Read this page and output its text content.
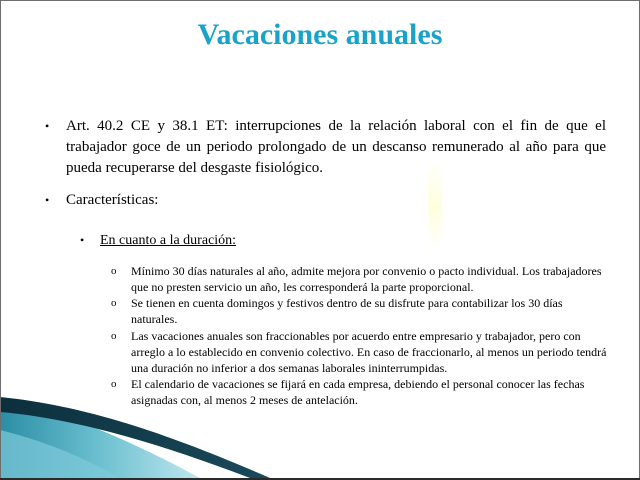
Vacaciones anuales
• Art. 40.2 CE y 38.1 ET: interrupciones de la relación laboral con el fin de que el trabajador goce de un periodo prolongado de un descanso remunerado al año para que pueda recuperarse del desgaste fisiológico.
• Características:
• En cuanto a la duración:
o Mínimo 30 días naturales al año, admite mejora por convenio o pacto individual. Los trabajadores que no presten servicio un año, les corresponderá la parte proporcional.
o Se tienen en cuenta domingos y festivos dentro de su disfrute para contabilizar los 30 días naturales.
o Las vacaciones anuales son fraccionables por acuerdo entre empresario y trabajador, pero con arreglo a lo establecido en convenio colectivo. En caso de fraccionarlo, al menos un periodo tendrá una duración no inferior a dos semanas laborales ininterrumpidas.
o El calendario de vacaciones se fijará en cada empresa, debiendo el personal conocer las fechas asignadas con, al menos 2 meses de antelación.
